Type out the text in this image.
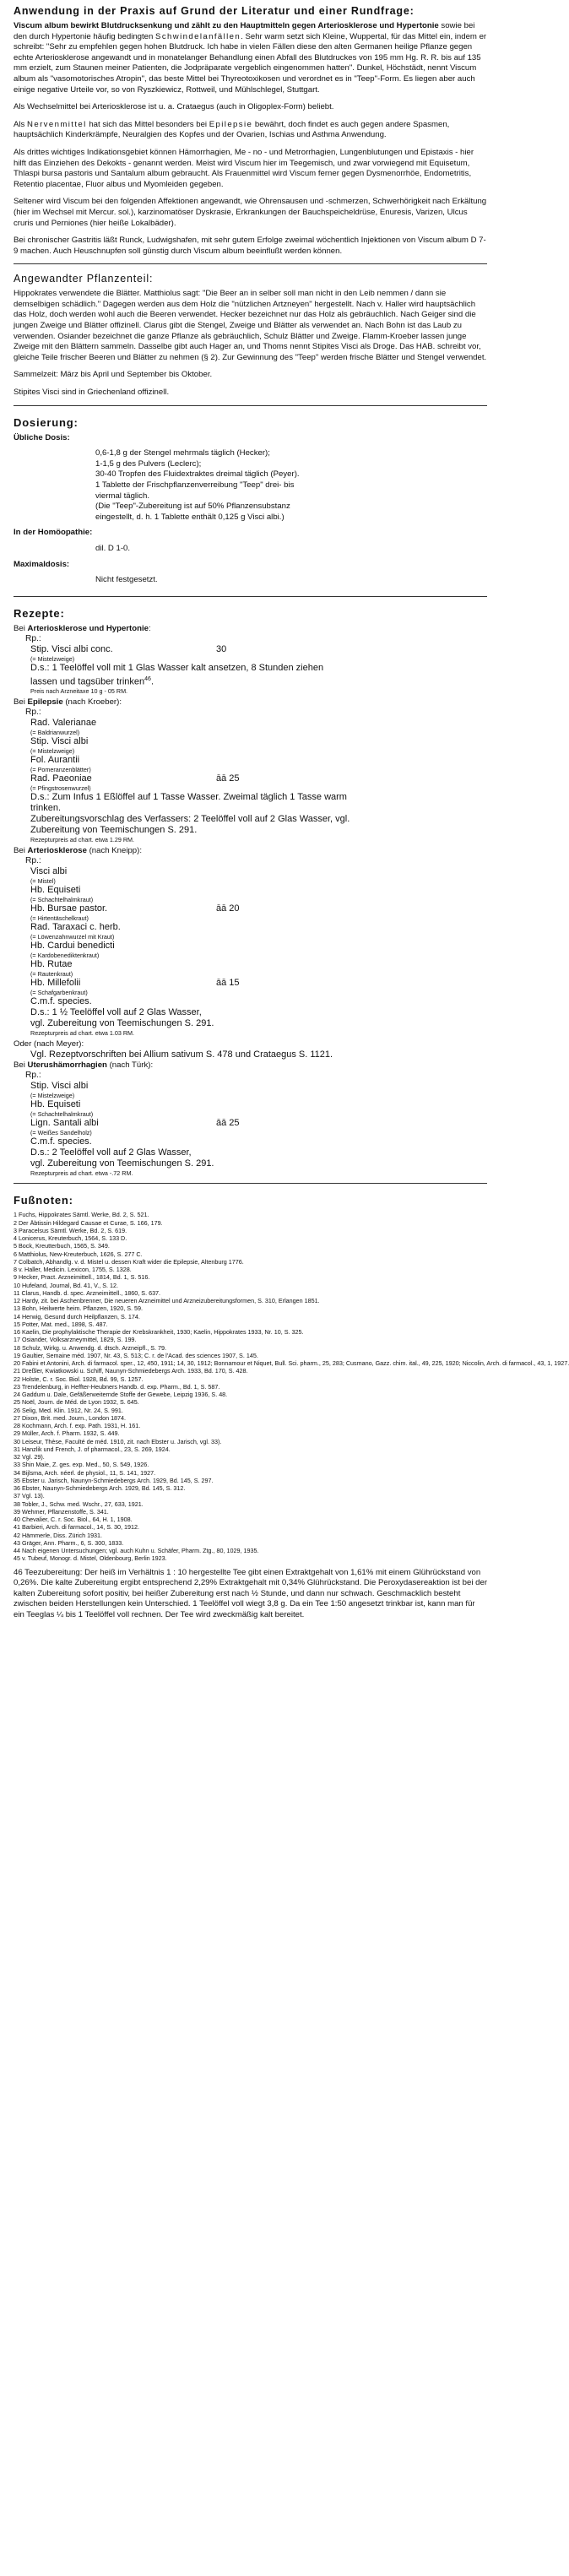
Anwendung in der Praxis auf Grund der Literatur und einer Rundfrage:

Viscum album bewirkt Blutdrucksenkung und zählt zu den Hauptmitteln gegen Arteriosklerose und Hypertonie sowie bei den durch Hypertonie häufig bedingten Schwindelanfällen. Sehr warm setzt sich Kleine, Wuppertal, für das Mittel ein, indem er schreibt: "Sehr zu empfehlen gegen hohen Blutdruck. Ich habe in vielen Fällen diese den alten Germanen heilige Pflanze gegen echte Arteriosklerose angewandt und in monatelanger Behandlung einen Abfall des Blutdruckes von 195 mm Hg. R. R. bis auf 135 mm erzielt, zum Staunen meiner Patienten, die Jodpräparate vergeblich eingenommen hatten". Dunkel, Höchstädt, nennt Viscum album als "vasomotorisches Atropin", das beste Mittel bei Thyreotoxikosen und verordnet es in "Teep"-Form. Es liegen aber auch einige negative Urteile vor, so von Ryszkiewicz, Rottweil, und Mühlschlegel, Stuttgart.

Als Wechselmittel bei Arteriosklerose ist u. a. Crataegus (auch in Oligoplex-Form) beliebt.

Als Nervenmittel hat sich das Mittel besonders bei Epilepsie bewährt, doch findet es auch gegen andere Spasmen, hauptsächlich Kinderkrämpfe, Neuralgien des Kopfes und der Ovarien, Ischias und Asthma Anwendung.

Als drittes wichtiges Indikationsgebiet können Hämorrhagien, Me - no - und Metrorrhagien, Lungenblutungen und Epistaxis - hier hilft das Einziehen des Dekokts - genannt werden. Meist wird Viscum hier im Teegemisch, und zwar vorwiegend mit Equisetum, Thlaspi bursa pastoris und Santalum album gebraucht. Als Frauenmittel wird Viscum ferner gegen Dysmenorrhöe, Endometritis, Retentio placentae, Fluor albus und Myomleiden gegeben.

Seltener wird Viscum bei den folgenden Affektionen angewandt, wie Ohrensausen und -schmerzen, Schwerhörigkeit nach Erkältung (hier im Wechsel mit Mercur. sol.), karzinomatöser Dyskrasie, Erkrankungen der Bauchspeicheldrüse, Enuresis, Varizen, Ulcus cruris und Perniones (hier heiße Lokalbäder).

Bei chronischer Gastritis läßt Runck, Ludwigshafen, mit sehr gutem Erfolge zweimal wöchentlich Injektionen von Viscum album D 7-9 machen. Auch Heuschnupfen soll günstig durch Viscum album beeinflußt werden können.

Angewandter Pflanzenteil:

Hippokrates verwendete die Blätter. Matthiolus sagt: "Die Beer an in selber soll man nicht in den Leib nemmen / dann sie demselbigen schädlich." Dagegen werden aus dem Holz die "nützlichen Artzneyen" hergestellt. Nach v. Haller wird hauptsächlich das Holz, doch werden wohl auch die Beeren verwendet. Hecker bezeichnet nur das Holz als gebräuchlich. Nach Geiger sind die jungen Zweige und Blätter offizinell. Clarus gibt die Stengel, Zweige und Blätter als verwendet an. Nach Bohn ist das Laub zu verwenden. Osiander bezeichnet die ganze Pflanze als gebräuchlich, Schulz Blätter und Zweige. Flamm-Kroeber lassen junge Zweige mit den Blättern sammeln. Dasselbe gibt auch Hager an, und Thoms nennt Stipites Visci als Droge. Das HAB. schreibt vor, gleiche Teile frischer Beeren und Blätter zu nehmen (§ 2). Zur Gewinnung des "Teep" werden frische Blätter und Stengel verwendet.

Sammelzeit: März bis April und September bis Oktober.

Stipites Visci sind in Griechenland offizinell.

Dosierung:
Übliche Dosis:	
	0,6-1,8 g der Stengel mehrmals täglich (Hecker);
1-1,5 g des Pulvers (Leclerc);
30-40 Tropfen des Fluidextraktes dreimal täglich (Peyer).
1 Tablette der Frischpflanzenverreibung "Teep" drei- bis viermal täglich.
(Die "Teep"-Zubereitung ist auf 50% Pflanzensubstanz eingestellt, d. h. 1 Tablette enthält 0,125 g Visci albi.)
In der Homöopathie:	
	dil. D 1-0.
Maximaldosis:	
	Nicht festgesetzt.
Rezepte:
Bei Arteriosklerose und Hypertonie:
Rp.:
Stip. Visci albi conc.	30
(= Mistelzweige)
D.s.: 1 Teelöffel voll mit 1 Glas Wasser kalt ansetzen, 8 Stunden ziehen lassen und tagsüber trinken$^{46}$.
Preis nach Arzneitaxe 10 g - 05 RM.
Bei Epilepsie (nach Kroeber):
Rp.:
Rad. Valerianae
(= Baldrianwurzel)
Stip. Visci albi
(= Mistelzweige)
Fol. Aurantii
(= Pomeranzenblätter)
Rad. Paeoniae	āā 25
(= Pfingstrosenwurzel)
D.s.: Zum Infus 1 Eßlöffel auf 1 Tasse Wasser. Zweimal täglich 1 Tasse warm trinken.
Zubereitungsvorschlag des Verfassers: 2 Teelöffel voll auf 2 Glas Wasser, vgl. Zubereitung von Teemischungen S. 291.
Rezepturpreis ad chart. etwa 1.29 RM.
Bei Arteriosklerose (nach Kneipp):
Rp.:
Visci albi
(= Mistel)
Hb. Equiseti
(= Schachtelhalmkraut)
Hb. Bursae pastor.	āā 20
(= Hirtentäschelkraut)
Rad. Taraxaci c. herb.
(= Löwenzahnwurzel mit Kraut)
Hb. Cardui benedicti
(= Kardobenediktenkraut)
Hb. Rutae
(= Rautenkraut)
Hb. Millefolii	āā 15
(= Schafgarbenkraut)
C.m.f. species.
D.s.: 1 ½ Teelöffel voll auf 2 Glas Wasser,
vgl. Zubereitung von Teemischungen S. 291.
Rezepturpreis ad chart. etwa 1.03 RM.
Oder (nach Meyer):
Vgl. Rezeptvorschriften bei Allium sativum S. 478 und Crataegus S. 1121.
Bei Uterushämorrhagien (nach Türk):
Rp.:
Stip. Visci albi
(= Mistelzweige)
Hb. Equiseti
(= Schachtelhalmkraut)
Lign. Santali albi	āā 25
(= Weißes Sandelholz)
C.m.f. species.
D.s.: 2 Teelöffel voll auf 2 Glas Wasser,
vgl. Zubereitung von Teemischungen S. 291.
Rezepturpreis ad chart. etwa -.72 RM.
Fußnoten:
1 Fuchs, Hippokrates Sämtl. Werke, Bd. 2, S. 521.
2 Der Äbtissin Hildegard Causae et Curae, S. 166, 179.
3 Paracelsus Sämtl. Werke, Bd. 2, S. 619.
4 Lonicerus, Kreuterbuch, 1564, S. 133 D.
5 Bock, Kreutterbuch, 1565, S. 349.
6 Matthiolus, New-Kreuterbuch, 1626, S. 277 C.
7 Colbatch, Abhandlg. v. d. Mistel u. dessen Kraft wider die Epilepsie, Altenburg 1776.
8 v. Haller, Medicin. Lexicon, 1755, S. 1328.
9 Hecker, Pract. Arzneimittell., 1814, Bd. 1, S. 516.
10 Hufeland, Journal, Bd. 41, V., S. 12.
11 Clarus, Handb. d. spec. Arzneimittell., 1860, S. 637.
12 Hardy, zit. bei Aschenbrenner, Die neueren Arzneimittel und Arzneizubereitungsformen, S. 310, Erlangen 1851.
13 Bohn, Heilwerte heim. Pflanzen, 1920, S. 59.
14 Herwig, Gesund durch Heilpflanzen, S. 174.
15 Potter, Mat. med., 1898, S. 487.
16 Kaelin, Die prophylaktische Therapie der Krebskrankheit, 1930; Kaelin, Hippokrates 1933, Nr. 10, S. 325.
17 Osiander, Volksarzneymittel, 1829, S. 199.
18 Schulz, Wirkg. u. Anwendg. d. dtsch. Arzneipfl., S. 79.
19 Gaultier, Semaine méd. 1907, Nr. 43, S. 513; C. r. de l'Acad. des sciences 1907, S. 145.
20 Fabini et Antonini, Arch. di farmacol. sper., 12, 450, 1911; 14, 30, 1912; Bonnamour et Niquet, Bull. Sci. pharm., 25, 283; Cusmano, Gazz. chim. ital., 49, 225, 1920; Niccolin, Arch. di farmacol., 43, 1, 1927.
21 Dreßler, Kwiatkowski u. Schiff, Naunyn-Schmiedebergs Arch. 1933, Bd. 170, S. 428.
22 Holste, C. r. Soc. Biol. 1928, Bd. 99, S. 1257.
23 Trendelenburg, in Heffter-Heubners Handb. d. exp. Pharm., Bd. 1, S. 587.
24 Gaddum u. Dale, Gefäßerweiternde Stoffe der Gewebe, Leipzig 1936, S. 48.
25 Noël, Journ. de Méd. de Lyon 1932, S. 645.
26 Selig, Med. Klin. 1912, Nr. 24, S. 991.
27 Dixon, Brit. med. Journ., London 1874.
28 Kochmann, Arch. f. exp. Path. 1931, H. 161.
29 Müller, Arch. f. Pharm. 1932, S. 449.
30 Leiseur, Thèse, Faculté de méd. 1910, zit. nach Ebster u. Jarisch, vgl. 33).
31 Hanzlik und French, J. of pharmacol., 23, S. 269, 1924.
32 Vgl. 29).
33 Shin Maie, Z. ges. exp. Med., 50, S. 549, 1926.
34 Bijlsma, Arch. néerl. de physiol., 11, S. 141, 1927.
35 Ebster u. Jarisch, Naunyn-Schmiedebergs Arch. 1929, Bd. 145, S. 297.
36 Ebster, Naunyn-Schmiedebergs Arch. 1929, Bd. 145, S. 312.
37 Vgl. 13).
38 Tobler, J., Schw. med. Wschr., 27, 633, 1921.
39 Wehmer, Pflanzenstoffe, S. 341.
40 Chevalier, C. r. Soc. Biol., 64, H. 1, 1908.
41 Barbieri, Arch. di farmacol., 14, S. 30, 1912.
42 Hämmerle, Diss. Zürich 1931.
43 Gräger, Ann. Pharm., 6, S. 300, 1833.
44 Nach eigenen Untersuchungen; vgl. auch Kuhn u. Schäfer, Pharm. Ztg., 80, 1029, 1935.
45 v. Tubeuf, Monogr. d. Mistel, Oldenbourg, Berlin 1923.

46 Teezubereitung: Der heiß im Verhältnis 1 : 10 hergestellte Tee gibt einen Extraktgehalt von 1,61% mit einem Glührückstand von 0,26%. Die kalte Zubereitung ergibt entsprechend 2,29% Extraktgehalt mit 0,34% Glührückstand. Die Peroxydasereaktion ist bei der kalten Zubereitung sofort positiv, bei heißer Zubereitung erst nach ½ Stunde, und dann nur schwach. Geschmacklich besteht zwischen beiden Herstellungen kein Unterschied. 1 Teelöffel voll wiegt 3,8 g. Da ein Tee 1:50 angesetzt trinkbar ist, kann man für ein Teeglas ¼ bis 1 Teelöffel voll rechnen. Der Tee wird zweckmäßig kalt bereitet.
